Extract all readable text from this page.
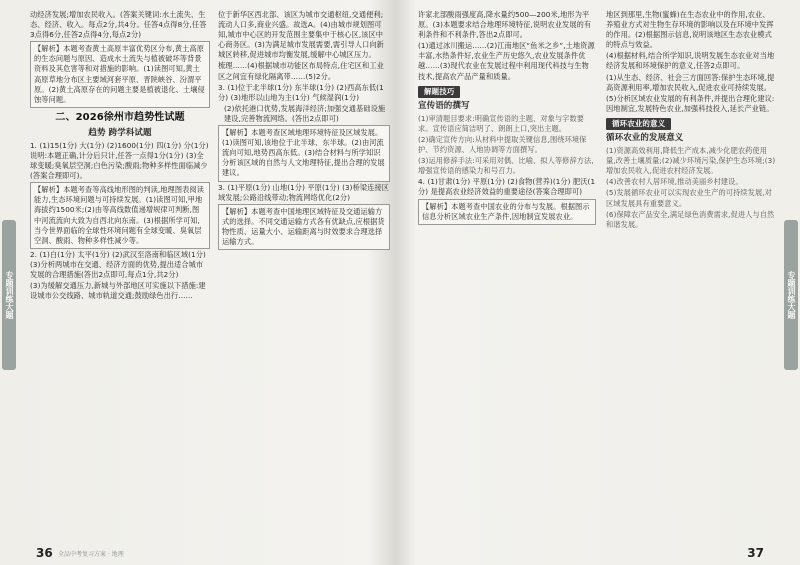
动经济发展;增加农民收入。(答案关键词:水土流失、生态、经济、收入。每点2分,共4分。任答4点得8分,任答3点得6分,任答2点得4分,每点2分)

【解析】本题考查黄土高原丰富优势区分布,黄土高原的生态问题与原因、造成水土流失与植被破坏等背景资料及其危害等和对措施的影响。(1)读图可知,黄土高原草地分布区主要域河套平原、晋陕峡谷、汾渭平原。(2)黄土高原存在的问题主要是植被退化、土壤侵蚀等问题。

二、2026徐州市趋势性试题
趋势 跨学科试题

1. (1)15(1分) 大(1分) (2)1600(1分) 四(1分) 分(1分) 说明:本题正确,计分后只计,任答一点得1分(1分) (3)全球变暖;臭氧层空洞;白色污染;酸雨;物种多样性面临减少(答案合理即可)。

【解析】本题考查等高线地形图的判读,地理图表阅读能力,生态环境问题与可持续发展。(1)读图可知,甲地海拔约1500米;(2)由等高线数值递增规律可判断,图中河流流向大致为自西北向东南。(3)根据所学可知,当今世界面临的全球性环境问题有全球变暖、臭氧层空洞、酸雨、物种多样性减少等。

2. (1)白(1分) 太平(1分) (2)武汉至洛南和临区域(1分) (3)分析两城市在交通、经济方面的优势,提出适合城市发展的合理措施(答出2点即可,每点1分,共2分)

(3)为缓解交通压力,新城与外部地区可实施以下措施:建设城市公交线路、城市轨道交通;鼓励绿色出行……

位于新华区西北部、该区为城市交通枢纽,交通便利;流动人口多,商业兴盛。故选A。(4)由城市规划图可知,城市中心区的开发范围主要集中于核心区,该区中心商务区。(3)为满足城市发展需要,需引导人口向新城区转移,促进城市均衡发展,缓解中心城区压力。

梳理……(4)根据城市功能区布局特点,住宅区和工业区之间宜有绿化隔离带……(5)2分。

3. (1)位于北半球(1分) 东半球(1分) (2)西高东低(1分) (3)地形以山地为主(1分) 气候湿润(1分)

(2)依托港口优势,发展海洋经济;加强交通基础设施建设,完善物流网络。(答出2点即可)

【解析】本题考查区域地理环境特征及区域发展。(1)读图可知,该地位于北半球、东半球。(2)由河流流向可知,地势西高东低。(3)结合材料与所学知识分析该区域的自然与人文地理特征,提出合理的发展建议。

3. (1)平原(1分) 山地(1分) 平原(1分) (3)桥梁连接区域发展;公路沿线带动;物流网络优化(2分)

【解析】本题考查中国地理区域特征及交通运输方式的选择。不同交通运输方式各有优缺点,应根据货物性质、运量大小、运输距离与时效要求合理选择运输方式。

许家北部酸雨强度高,降水量约500—200米,地形为平原。(3)本题要求结合地理环境特征,说明农业发展的有利条件和不利条件,答出2点即可。

(1)通过冰川搬运……(2)江南地区“鱼米之乡”,土地资源丰富,水热条件好,农业生产历史悠久,农业发展条件优越……(3)现代农业在发展过程中利用现代科技与生物技术,提高农产品产量和质量。

解题技巧
宣传语的撰写

(1)审清题目要求:明确宣传语的主题、对象与字数要求。宣传语应简洁明了、朗朗上口,突出主题。

(2)确定宣传方向:从材料中提取关键信息,围绕环境保护、节约资源、人地协调等方面撰写。

(3)运用修辞手法:可采用对偶、比喻、拟人等修辞方法,增强宣传语的感染力和号召力。

4. (1)甘肃(1分) 平原(1分) (2)食物(营养)(1分) 肥沃(1分) 是提高农业经济效益的重要途径(答案合理即可)

【解析】本题考查中国农业的分布与发展。根据图示信息分析区域农业生产条件,因地制宜发展农业。

地区到那里,生物(蜜蜂)在生态农业中的作用,农业、养殖业方式对生物生存环境的影响以及在环境中发挥的作用。(2)根据图示信息,说明该地区生态农业模式的特点与效益。

(4)根据材料,结合所学知识,说明发展生态农业对当地经济发展和环境保护的意义,任答2点即可。

(1)从生态、经济、社会三方面回答:保护生态环境,提高资源利用率,增加农民收入,促进农业可持续发展。

(5)分析区域农业发展的有利条件,并提出合理化建议:因地制宜,发展特色农业,加强科技投入,延长产业链。

循环农业的意义
循环农业的发展意义

(1)资源高效利用,降低生产成本,减少化肥农药使用量,改善土壤质量;(2)减少环境污染,保护生态环境;(3)增加农民收入,促进农村经济发展。

(4)改善农村人居环境,推动美丽乡村建设。

(5)发展循环农业可以实现农业生产的可持续发展,对区域发展具有重要意义。

(6)保障农产品安全,满足绿色消费需求,促进人与自然和谐发展。

专题训练大题	专题训练大题
36 全品中考复习方案 · 地理	37
